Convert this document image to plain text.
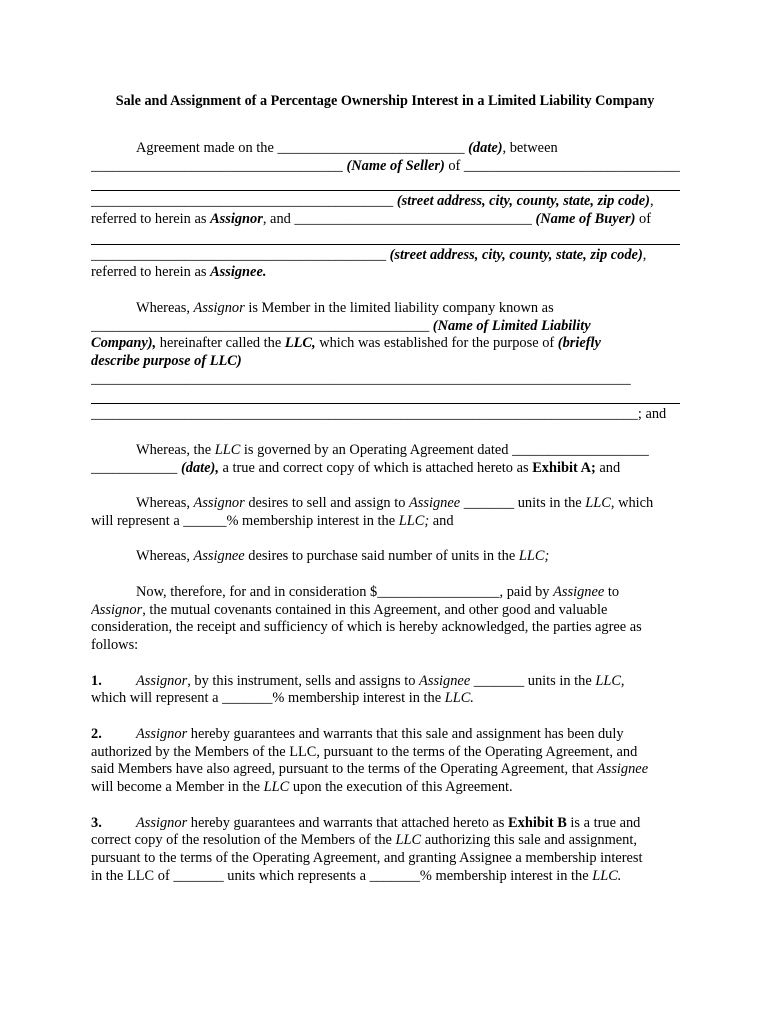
Sale and Assignment of a Percentage Ownership Interest in a Limited Liability Company
Agreement made on the __________________________ (date), between
___________________________________ (Name of Seller) of ______________________________
__________________________________________ (street address, city, county, state, zip code),
referred to herein as Assignor, and _________________________________ (Name of Buyer) of
_________________________________________ (street address, city, county, state, zip code),
referred to herein as Assignee.
Whereas, Assignor is Member in the limited liability company known as
_______________________________________________ (Name of Limited Liability
Company), hereinafter called the LLC, which was established for the purpose of (briefly
describe purpose of LLC)
___________________________________________________________________________
____________________________________________________________________________; and
Whereas, the LLC is governed by an Operating Agreement dated ___________________
____________ (date), a true and correct copy of which is attached hereto as Exhibit A; and
Whereas, Assignor desires to sell and assign to Assignee _______ units in the LLC, which
will represent a ______% membership interest in the LLC; and
Whereas, Assignee desires to purchase said number of units in the LLC;
Now, therefore, for and in consideration $_________________, paid by Assignee to
Assignor, the mutual covenants contained in this Agreement, and other good and valuable
consideration, the receipt and sufficiency of which is hereby acknowledged, the parties agree as
follows:
1. Assignor, by this instrument, sells and assigns to Assignee _______ units in the LLC,
which will represent a _______% membership interest in the LLC.
2. Assignor hereby guarantees and warrants that this sale and assignment has been duly
authorized by the Members of the LLC, pursuant to the terms of the Operating Agreement, and
said Members have also agreed, pursuant to the terms of the Operating Agreement, that Assignee
will become a Member in the LLC upon the execution of this Agreement.
3. Assignor hereby guarantees and warrants that attached hereto as Exhibit B is a true and
correct copy of the resolution of the Members of the LLC authorizing this sale and assignment,
pursuant to the terms of the Operating Agreement, and granting Assignee a membership interest
in the LLC of _______ units which represents a _______% membership interest in the LLC.
